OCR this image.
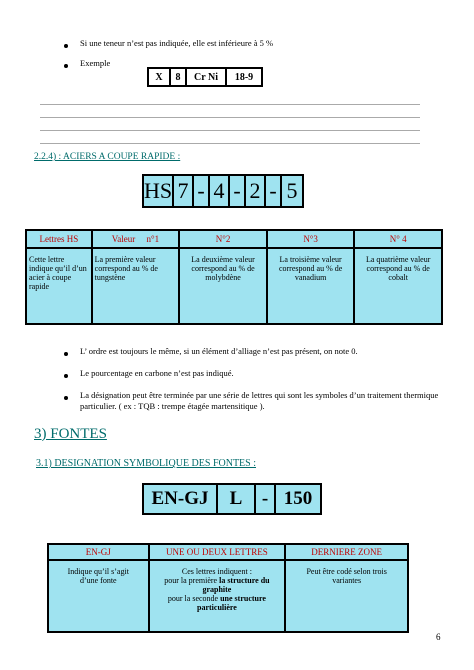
Si une teneur n’est pas indiquée, elle est inférieure à 5 %
Exemple
X	8	Cr Ni	18-9
2.2.4) : ACIERS A COUPE RAPIDE :
HS 7 - 4 - 2 - 5
Lettres HS	Valeur     n°1	N°2	N°3	N° 4
Cette lettre indique qu’il d’un acier à coupe rapide	La première valeur correspond au % de tungstène	La deuxième valeur correspond au % de molybdène	La troisième valeur correspond au % de vanadium	La quatrième valeur correspond au % de cobalt
L’ ordre est toujours le même, si un élément d’alliage n’est pas présent, on note 0.
Le pourcentage en carbone n’est pas indiqué.
La désignation peut être terminée par une série de lettres qui sont les symboles d’un traitement thermique particulier. ( ex : TQB : trempe étagée martensitique ).
3) FONTES
3.1) DESIGNATION SYMBOLIQUE DES FONTES :
EN-GJ	L	- 150
EN-GJ	UNE OU DEUX LETTRES	DERNIERE ZONE
Indique qu’il s’agit d’une fonte	Ces lettres indiquent :
pour la première la structure du graphite
pour la seconde une structure particulière	Peut être codé selon trois variantes
6
